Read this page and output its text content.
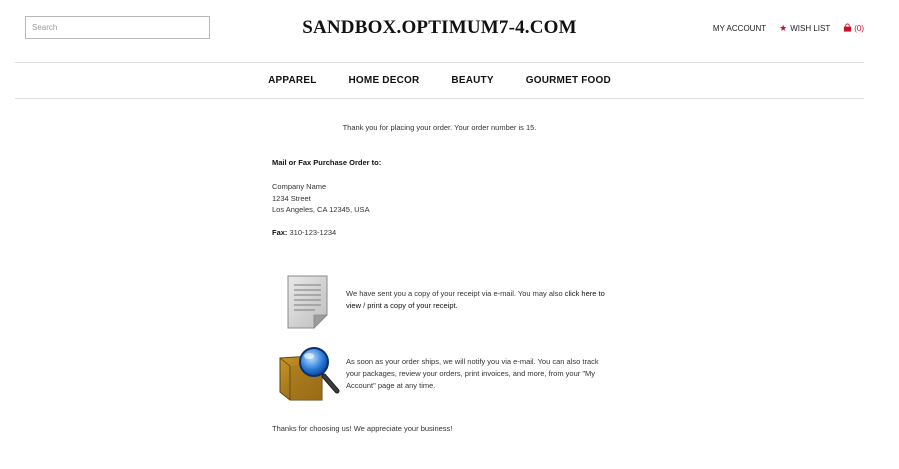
Search
SANDBOX.OPTIMUM7-4.COM	MY ACCOUNT ★ WISH LIST	(0)
APPAREL	HOME DECOR	BEAUTY	GOURMET FOOD
Thank you for placing your order. Your order number is 15.
Mail or Fax Purchase Order to:
Company Name
1234 Street
Los Angeles, CA 12345, USA
Fax: 310-123-1234
We have sent you a copy of your receipt via e-mail. You may also click here to view / print a copy of your receipt.
As soon as your order ships, we will notify you via e-mail. You can also track your packages, review your orders, print invoices, and more, from your "My Account" page at any time.
Thanks for choosing us! We appreciate your business!
